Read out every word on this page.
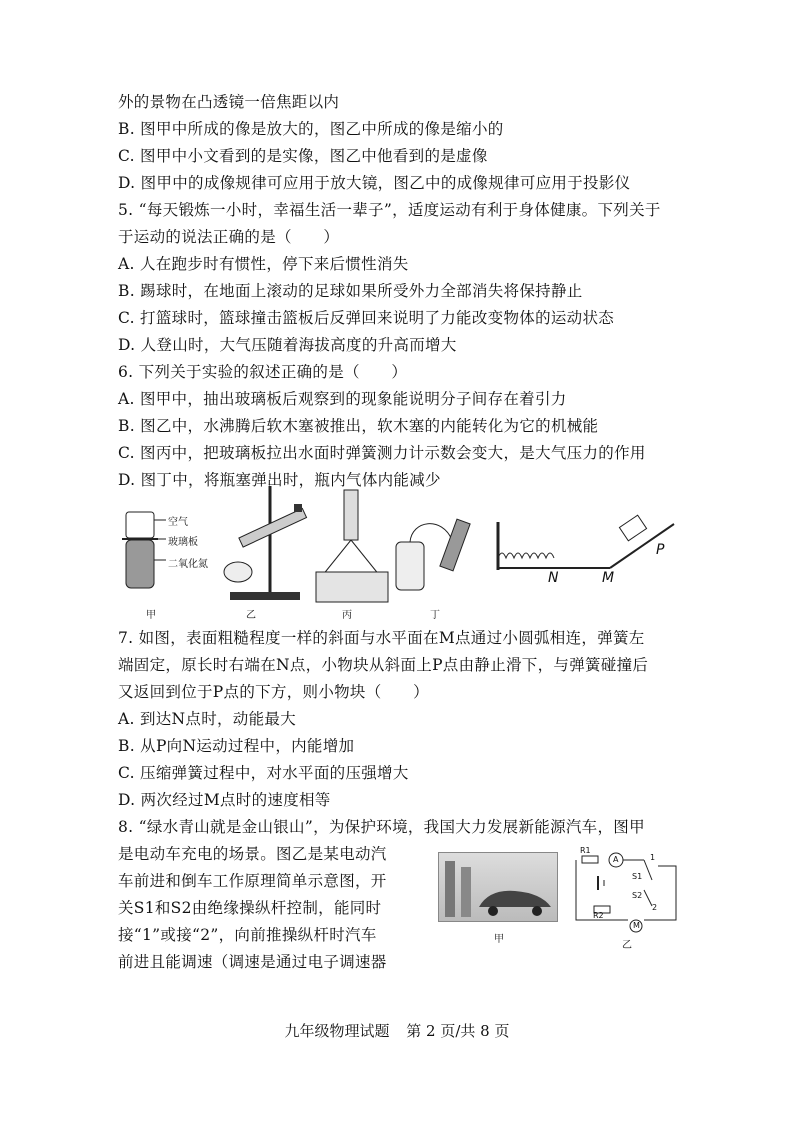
外的景物在凸透镜一倍焦距以内
B. 图甲中所成的像是放大的，图乙中所成的像是缩小的
C. 图甲中小文看到的是实像，图乙中他看到的是虚像
D. 图甲中的成像规律可应用于放大镜，图乙中的成像规律可应用于投影仪
5. “每天锻炼一小时，幸福生活一辈子”，适度运动有利于身体健康。下列关于
于运动的说法正确的是（　　）
A. 人在跑步时有惯性，停下来后惯性消失
B. 踢球时，在地面上滚动的足球如果所受外力全部消失将保持静止
C. 打篮球时，篮球撞击篮板后反弹回来说明了力能改变物体的运动状态
D. 人登山时，大气压随着海拔高度的升高而增大
6. 下列关于实验的叙述正确的是（　　）
A. 图甲中，抽出玻璃板后观察到的现象能说明分子间存在着引力
B. 图乙中，水沸腾后软木塞被推出，软木塞的内能转化为它的机械能
C. 图丙中，把玻璃板拉出水面时弹簧测力计示数会变大，是大气压力的作用
D. 图丁中，将瓶塞弹出时，瓶内气体内能减少
空气
玻璃板
二氧化氮
甲	乙	丙	丁
N	M
P
7. 如图，表面粗糙程度一样的斜面与水平面在M点通过小圆弧相连，弹簧左
端固定，原长时右端在N点，小物块从斜面上P点由静止滑下，与弹簧碰撞后
又返回到位于P点的下方，则小物块（　　）
A. 到达N点时，动能最大
B. 从P向N运动过程中，内能增加
C. 压缩弹簧过程中，对水平面的压强增大
D. 两次经过M点时的速度相等
8. “绿水青山就是金山银山”，为保护环境，我国大力发展新能源汽车，图甲
是电动车充电的场景。图乙是某电动汽
车前进和倒车工作原理简单示意图，开
关S1和S2由绝缘操纵杆控制，能同时
接“1”或接“2”，向前推操纵杆时汽车
前进且能调速（调速是通过电子调速器
甲
R1
R2
A
M
S1
S2
1
2
乙
九年级物理试题 第 2 页/共 8 页
